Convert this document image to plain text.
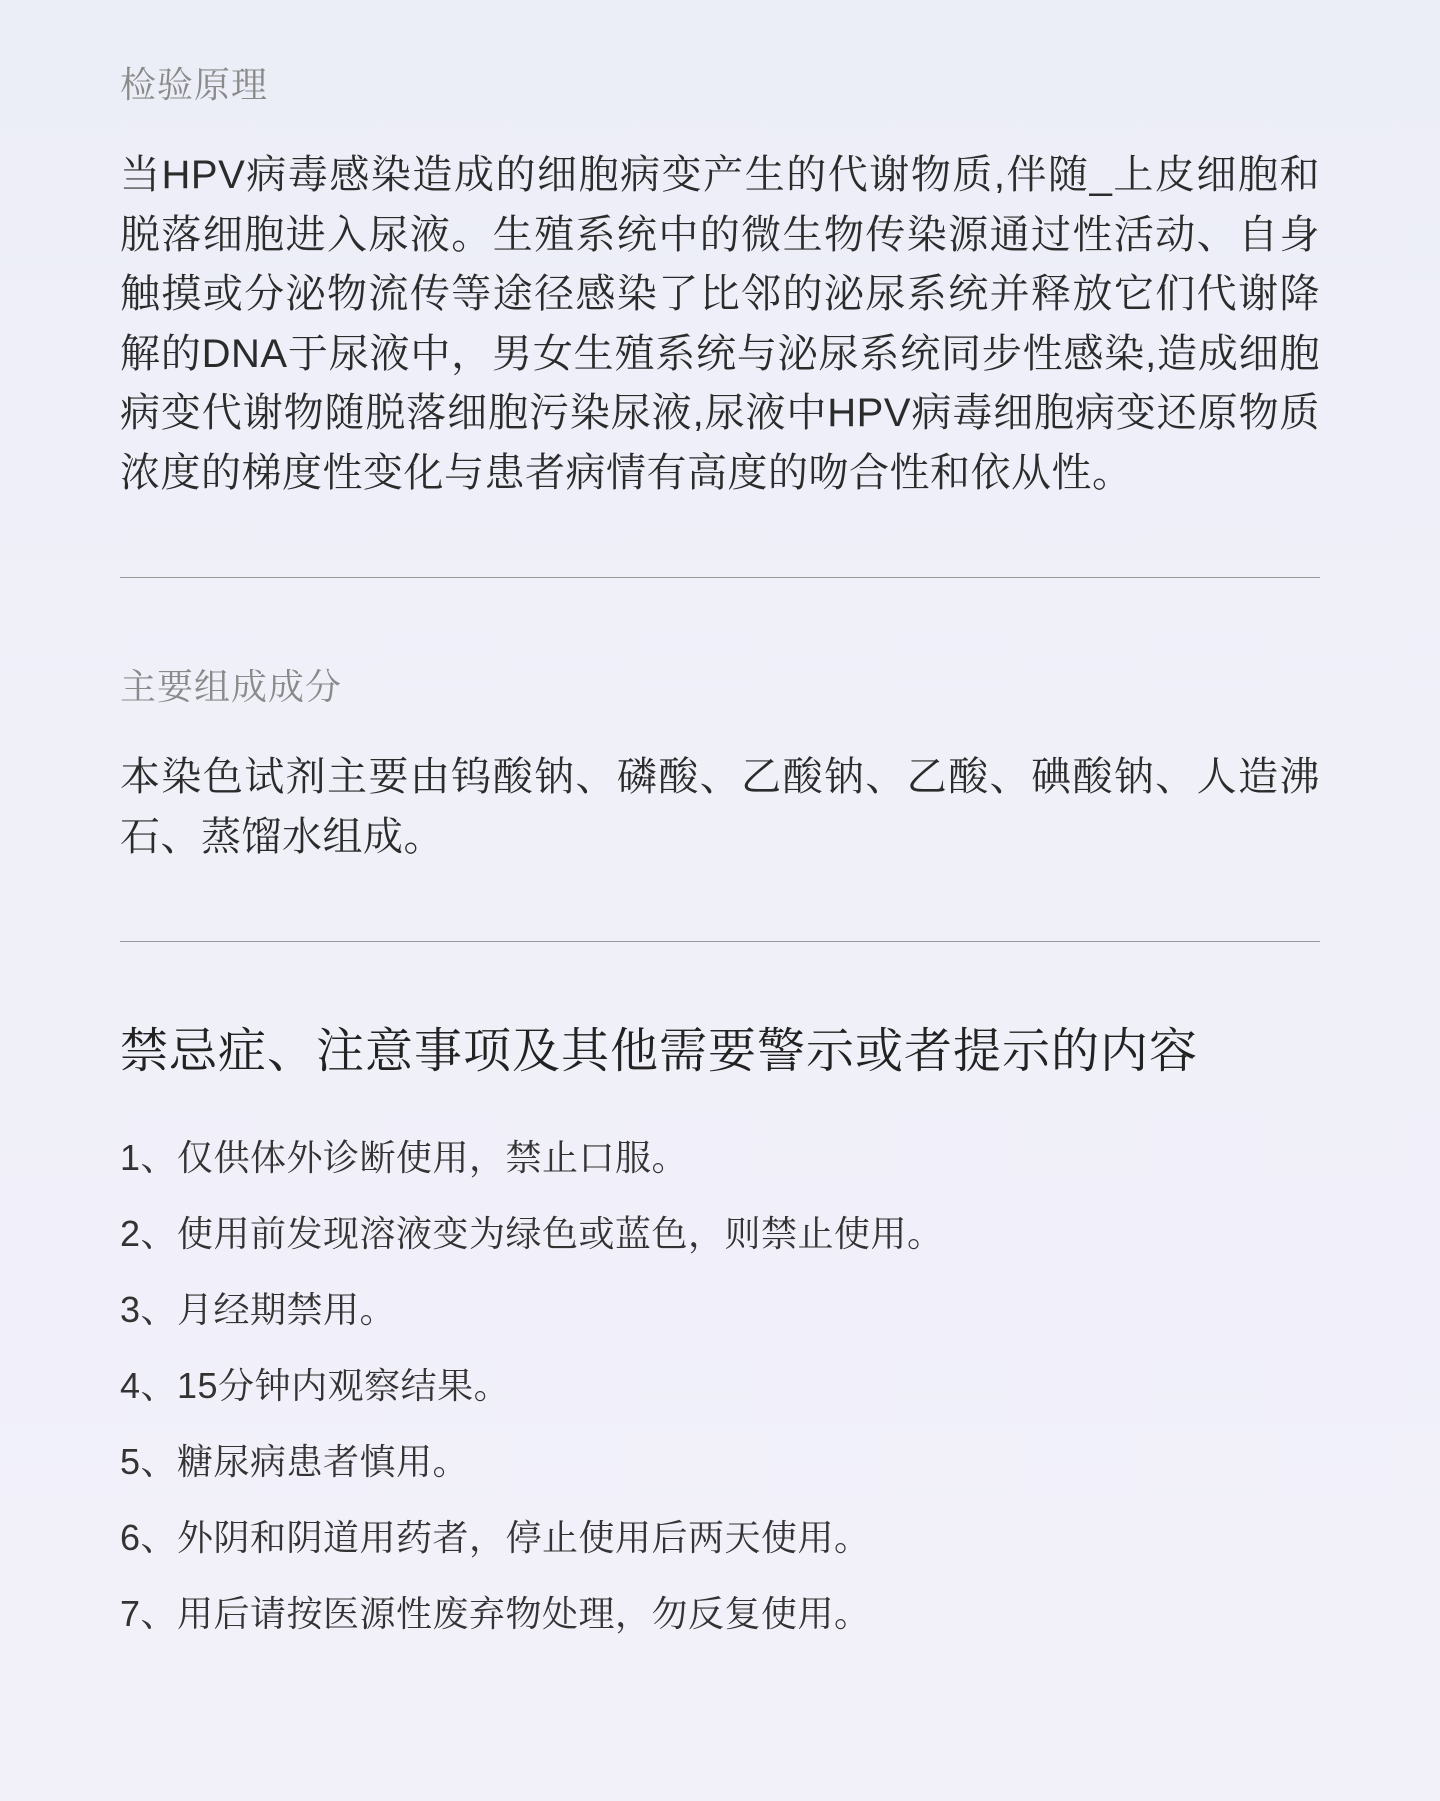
检验原理

当HPV病毒感染造成的细胞病变产生的代谢物质,伴随_上皮细胞和脱落细胞进入尿液。生殖系统中的微生物传染源通过性活动、自身触摸或分泌物流传等途径感染了比邻的泌尿系统并释放它们代谢降解的DNA于尿液中，男女生殖系统与泌尿系统同步性感染,造成细胞病变代谢物随脱落细胞污染尿液,尿液中HPV病毒细胞病变还原物质浓度的梯度性变化与患者病情有高度的吻合性和依从性。

主要组成成分

本染色试剂主要由钨酸钠、磷酸、乙酸钠、乙酸、碘酸钠、人造沸石、蒸馏水组成。

禁忌症、注意事项及其他需要警示或者提示的内容
1、仅供体外诊断使用，禁止口服。
2、使用前发现溶液变为绿色或蓝色，则禁止使用。
3、月经期禁用。
4、15分钟内观察结果。
5、糖尿病患者慎用。
6、外阴和阴道用药者，停止使用后两天使用。
7、用后请按医源性废弃物处理，勿反复使用。
